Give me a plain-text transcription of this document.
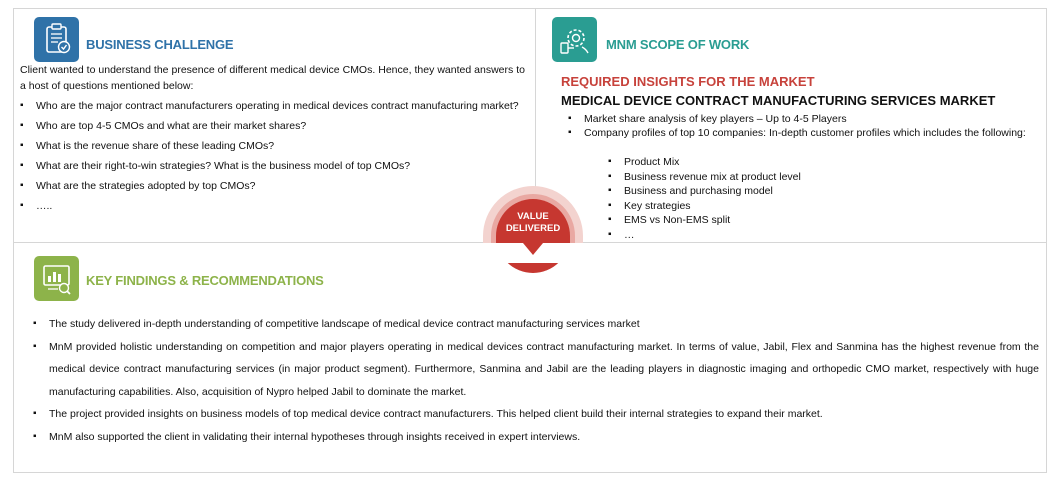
BUSINESS CHALLENGE
Client wanted to understand the presence of different medical device CMOs. Hence, they wanted answers to a host of questions mentioned below:
▪ Who are the major contract manufacturers operating in medical devices contract manufacturing market?
▪ Who are top 4-5 CMOs and what are their market shares?
▪ What is the revenue share of these leading CMOs?
▪ What are their right-to-win strategies? What is the business model of top CMOs?
▪ What are the strategies adopted by top CMOs?
▪ …..
MNM SCOPE OF WORK
REQUIRED INSIGHTS FOR THE MARKET
MEDICAL DEVICE CONTRACT MANUFACTURING SERVICES MARKET
▪ Market share analysis of key players – Up to 4-5 Players
▪ Company profiles of top 10 companies: In-depth customer profiles which includes the following:
▪ Product Mix
▪ Business revenue mix at product level
▪ Business and purchasing model
▪ Key strategies
▪ EMS vs Non-EMS split
▪ …
VALUE
DELIVERED
KEY FINDINGS & RECOMMENDATIONS
▪ The study delivered in-depth understanding of competitive landscape of medical device contract manufacturing services market
▪ MnM provided holistic understanding on competition and major players operating in medical devices contract manufacturing market. In terms of value, Jabil, Flex and Sanmina has the highest revenue from the medical device contract manufacturing services (in major product segment). Furthermore, Sanmina and Jabil are the leading players in diagnostic imaging and orthopedic CMO market, respectively with huge manufacturing capabilities. Also, acquisition of Nypro helped Jabil to dominate the market.
▪ The project provided insights on business models of top medical device contract manufacturers. This helped client build their internal strategies to expand their market.
▪ MnM also supported the client in validating their internal hypotheses through insights received in expert interviews.
